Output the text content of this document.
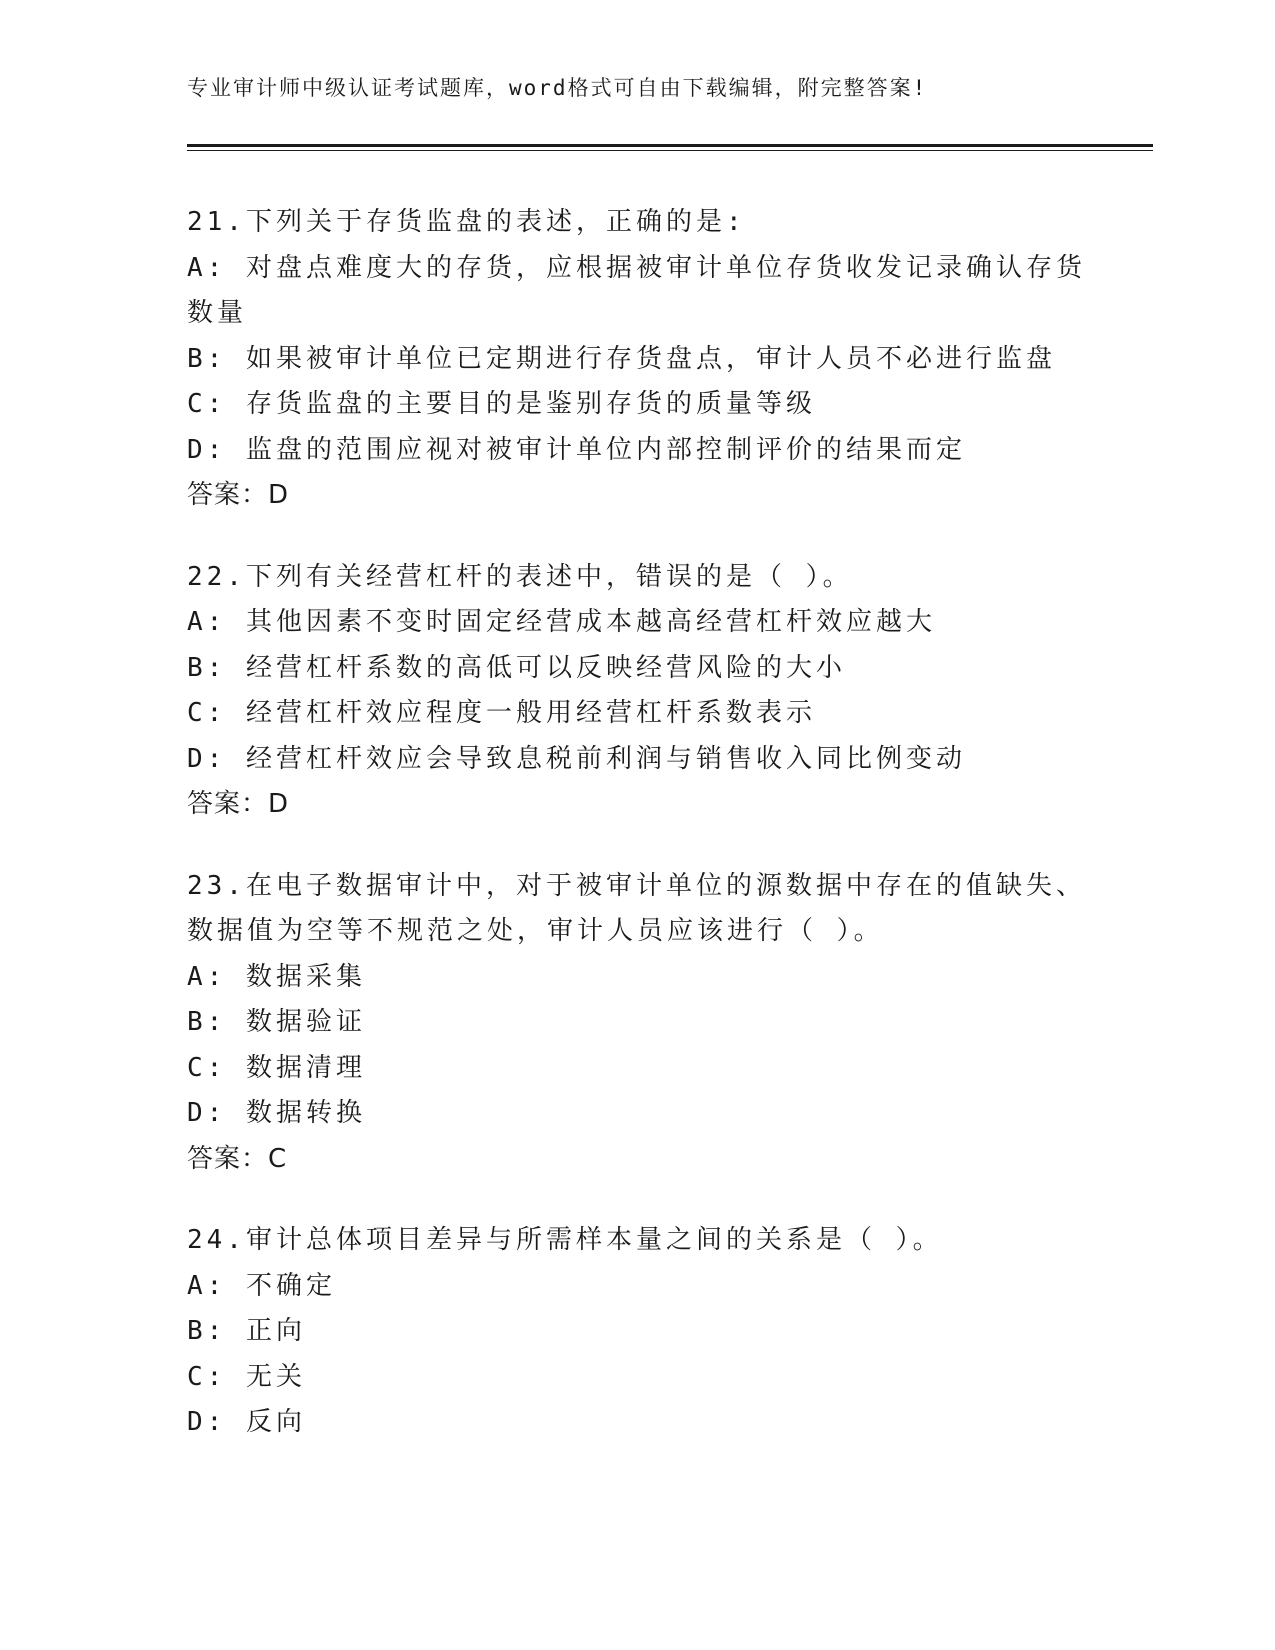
专业审计师中级认证考试题库，word格式可自由下载编辑，附完整答案!
21.下列关于存货监盘的表述，正确的是:
A: 对盘点难度大的存货，应根据被审计单位存货收发记录确认存货数量
B: 如果被审计单位已定期进行存货盘点，审计人员不必进行监盘
C: 存货监盘的主要目的是鉴别存货的质量等级
D: 监盘的范围应视对被审计单位内部控制评价的结果而定
答案：D
22.下列有关经营杠杆的表述中，错误的是（ ）。
A: 其他因素不变时固定经营成本越高经营杠杆效应越大
B: 经营杠杆系数的高低可以反映经营风险的大小
C: 经营杠杆效应程度一般用经营杠杆系数表示
D: 经营杠杆效应会导致息税前利润与销售收入同比例变动
答案：D
23.在电子数据审计中，对于被审计单位的源数据中存在的值缺失、数据值为空等不规范之处，审计人员应该进行（ ）。
A: 数据采集
B: 数据验证
C: 数据清理
D: 数据转换
答案：C
24.审计总体项目差异与所需样本量之间的关系是（ ）。
A: 不确定
B: 正向
C: 无关
D: 反向
